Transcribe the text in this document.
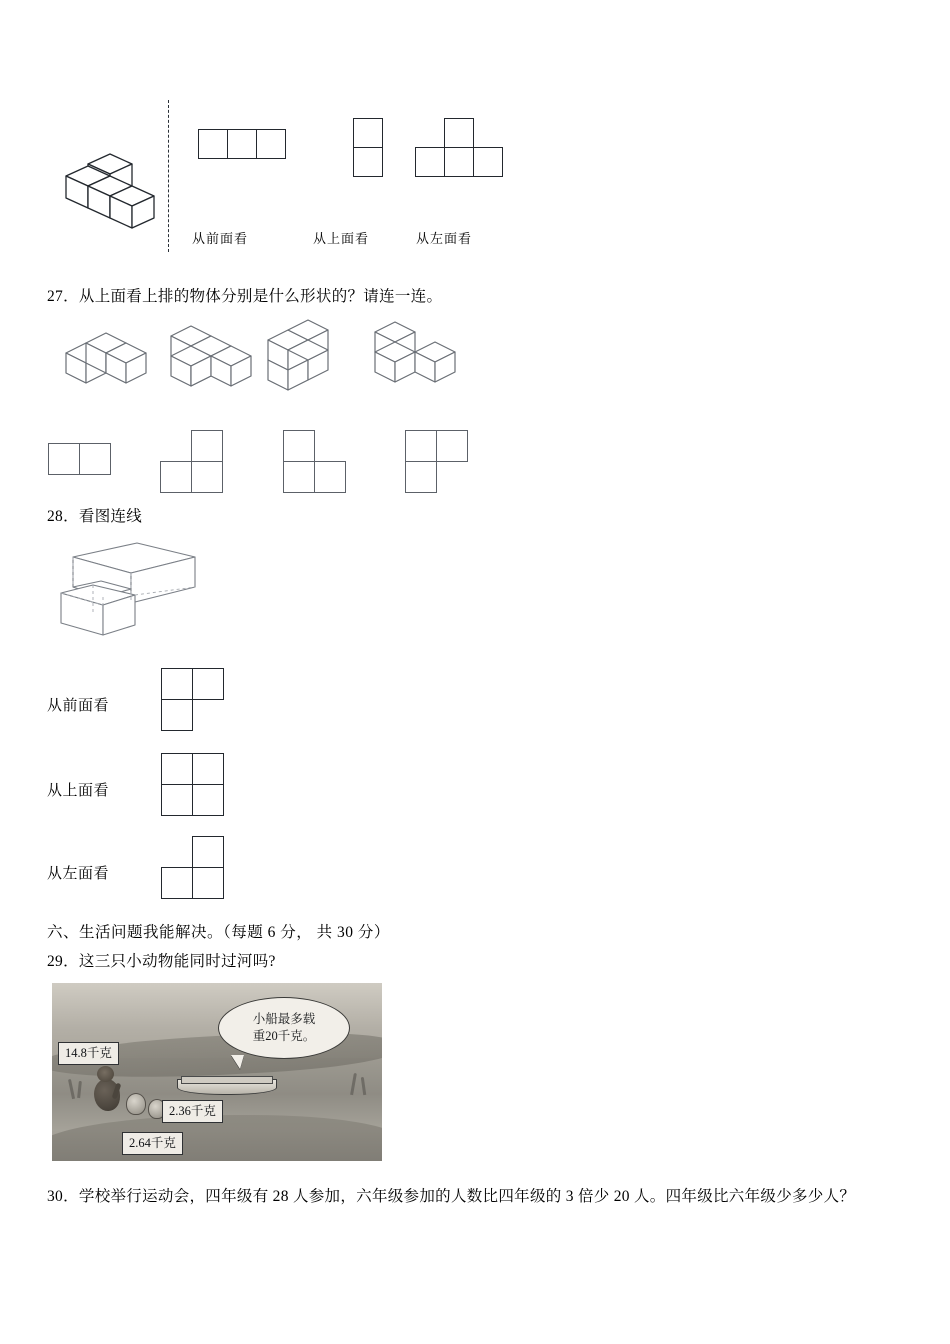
从前面看	从上面看	从左面看
27．从上面看上排的物体分别是什么形状的？请连一连。
28．看图连线
从前面看
从上面看
从左面看
六、生活问题我能解决。（每题 6 分， 共 30 分）
29．这三只小动物能同时过河吗?
小船最多载
重20千克。
14.8千克
2.36千克
2.64千克
30．学校举行运动会，四年级有 28 人参加，六年级参加的人数比四年级的 3 倍少 20 人。四年级比六年级少多少人？
